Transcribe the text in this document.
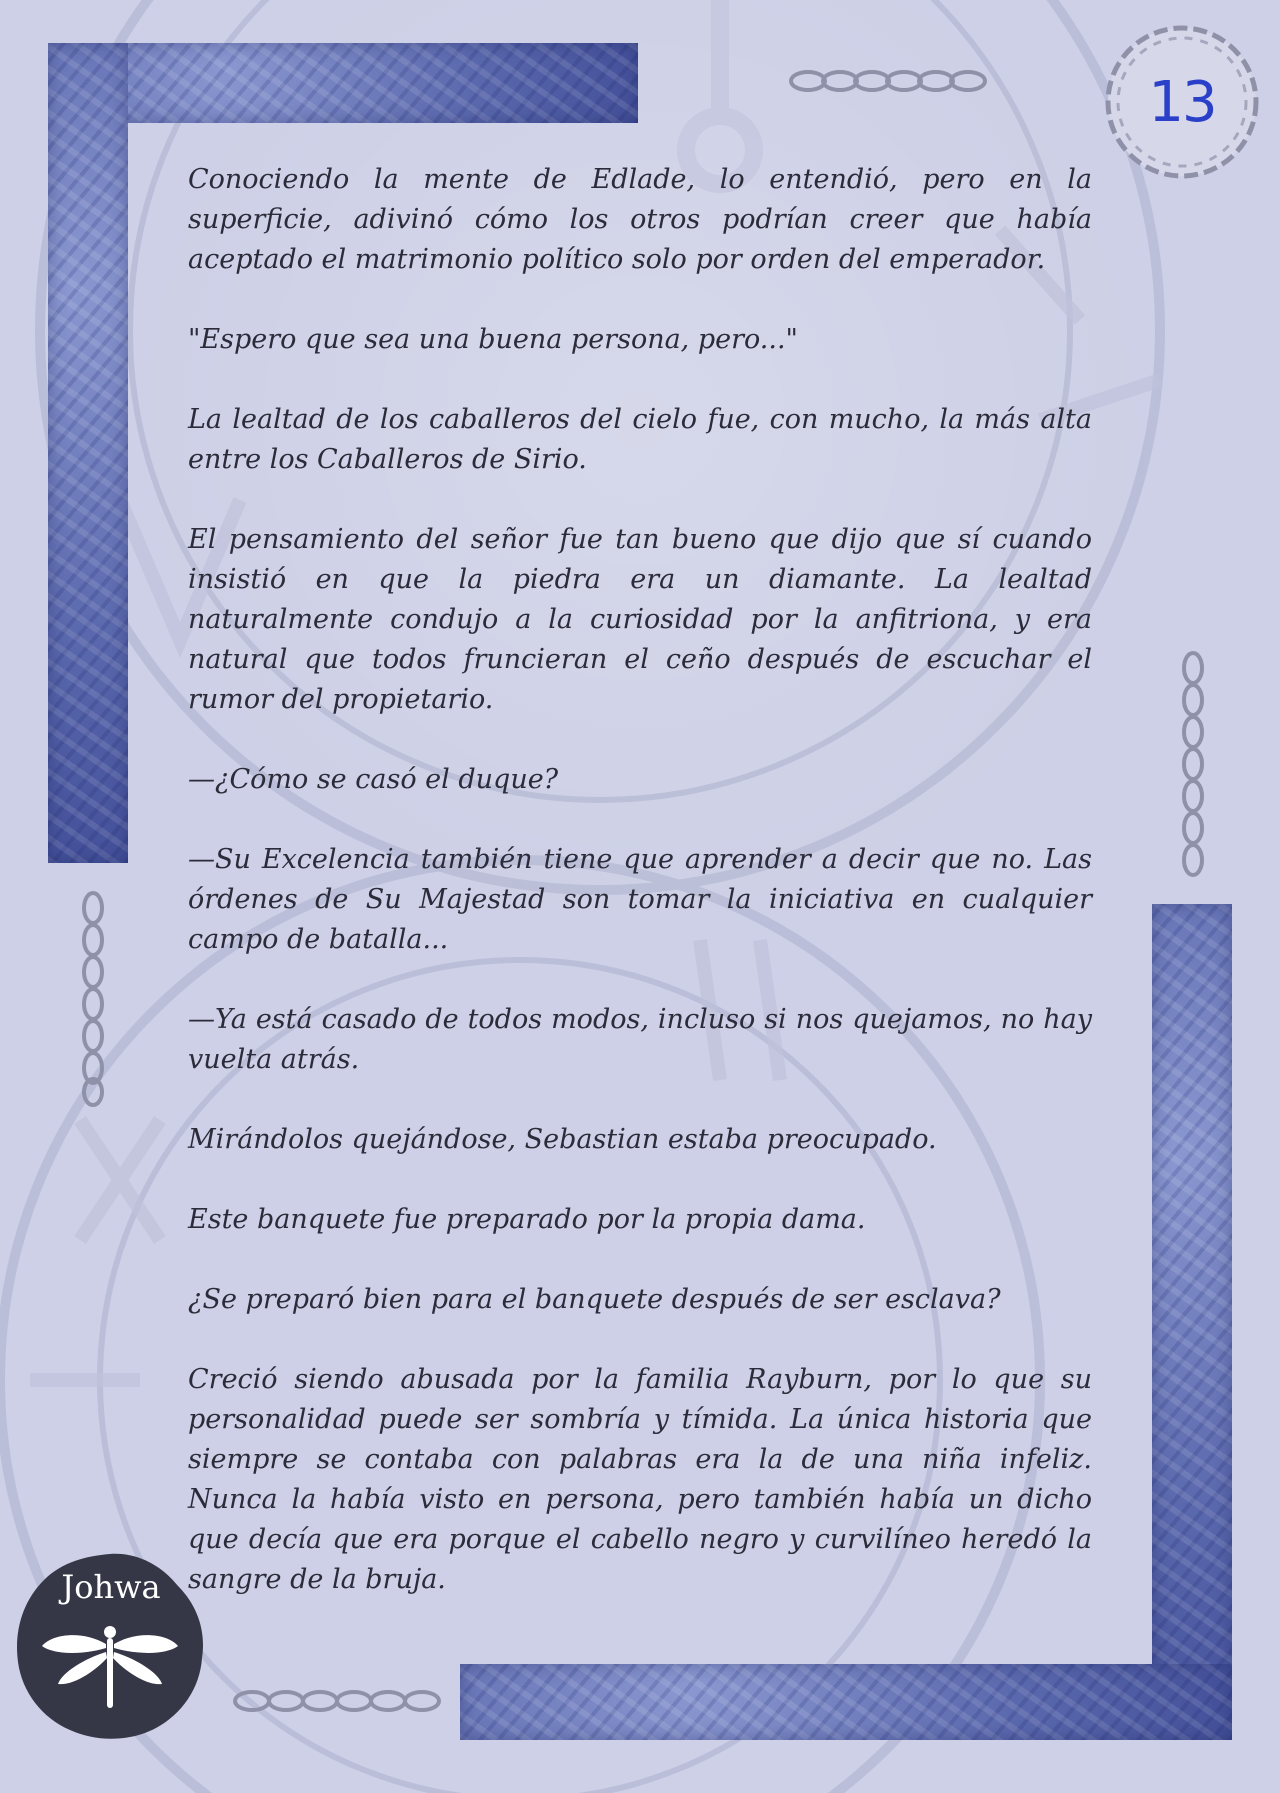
13

Conociendo la mente de Edlade, lo entendió, pero en la superficie, adivinó cómo los otros podrían creer que había aceptado el matrimonio político solo por orden del emperador.

"Espero que sea una buena persona, pero..."

La lealtad de los caballeros del cielo fue, con mucho, la más alta entre los Caballeros de Sirio.

El pensamiento del señor fue tan bueno que dijo que sí cuando insistió en que la piedra era un diamante. La lealtad naturalmente condujo a la curiosidad por la anfitriona, y era natural que todos fruncieran el ceño después de escuchar el rumor del propietario.

—¿Cómo se casó el duque?

—Su Excelencia también tiene que aprender a decir que no. Las órdenes de Su Majestad son tomar la iniciativa en cualquier campo de batalla...

—Ya está casado de todos modos, incluso si nos quejamos, no hay vuelta atrás.

Mirándolos quejándose, Sebastian estaba preocupado.

Este banquete fue preparado por la propia dama.

¿Se preparó bien para el banquete después de ser esclava?

Creció siendo abusada por la familia Rayburn, por lo que su personalidad puede ser sombría y tímida. La única historia que siempre se contaba con palabras era la de una niña infeliz. Nunca la había visto en persona, pero también había un dicho que decía que era porque el cabello negro y curvilíneo heredó la sangre de la bruja.

Johwa
